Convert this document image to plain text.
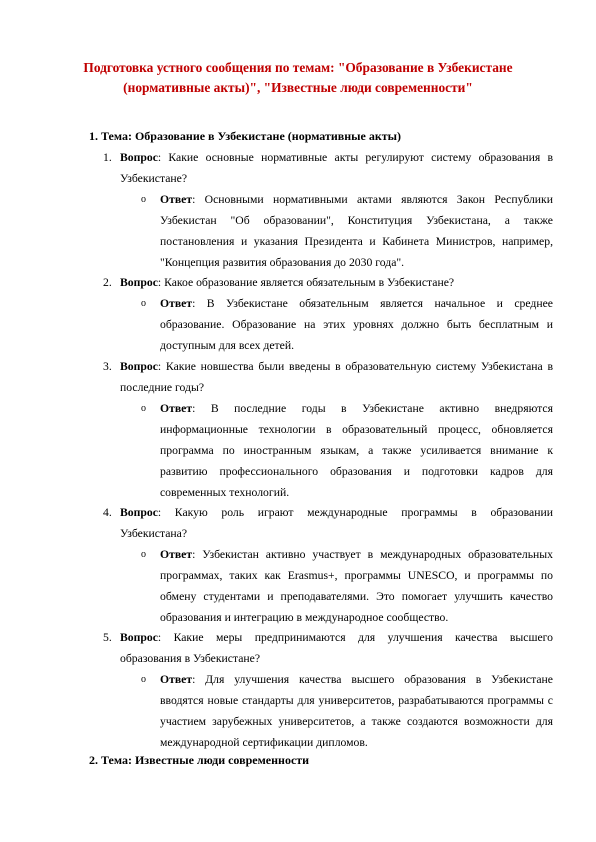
Подготовка устного сообщения по темам: "Образование в Узбекистане
(нормативные акты)", "Известные люди современности"
1. Тема: Образование в Узбекистане (нормативные акты)
1. Вопрос: Какие основные нормативные акты регулируют систему образования в
Узбекистане?
o	Ответ: Основными нормативными актами являются Закон Республики
Узбекистан "Об образовании", Конституция Узбекистана, а также
постановления и указания Президента и Кабинета Министров, например,
"Концепция развития образования до 2030 года".
2. Вопрос: Какое образование является обязательным в Узбекистане?
o	Ответ: В Узбекистане обязательным является начальное и среднее
образование. Образование на этих уровнях должно быть бесплатным и
доступным для всех детей.
3. Вопрос: Какие новшества были введены в образовательную систему Узбекистана в
последние годы?
o	Ответ: В последние годы в Узбекистане активно внедряются
информационные технологии в образовательный процесс, обновляется
программа по иностранным языкам, а также усиливается внимание к
развитию профессионального образования и подготовки кадров для
современных технологий.
4. Вопрос: Какую роль играют международные программы в образовании
Узбекистана?
o	Ответ: Узбекистан активно участвует в международных образовательных
программах, таких как Erasmus+, программы UNESCO, и программы по
обмену студентами и преподавателями. Это помогает улучшить качество
образования и интеграцию в международное сообщество.
5. Вопрос: Какие меры предпринимаются для улучшения качества высшего
образования в Узбекистане?
o	Ответ: Для улучшения качества высшего образования в Узбекистане
вводятся новые стандарты для университетов, разрабатываются программы с
участием зарубежных университетов, а также создаются возможности для
международной сертификации дипломов.
2. Тема: Известные люди современности
